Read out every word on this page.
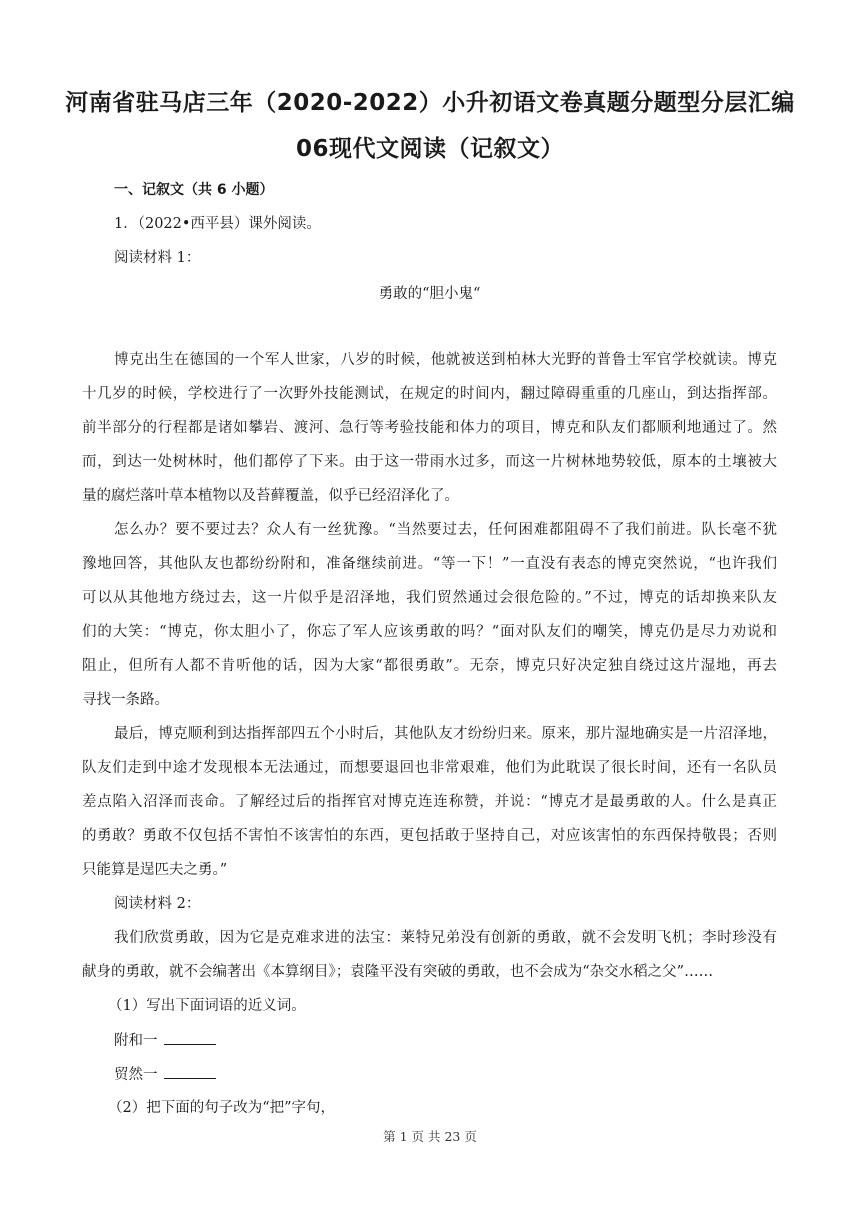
河南省驻马店三年（2020-2022）小升初语文卷真题分题型分层汇编
06现代文阅读（记叙文）
一、记叙文（共 6 小题）
1．（2022•西平县）课外阅读。
阅读材料 1：
勇敢的“胆小鬼“
博克出生在德国的一个军人世家，八岁的时候，他就被送到柏林大光野的普鲁士军官学校就读。博克
十几岁的时候，学校进行了一次野外技能测试，在规定的时间内，翻过障碍重重的几座山，到达指挥部。
前半部分的行程都是诸如攀岩、渡河、急行等考验技能和体力的项目，博克和队友们都顺利地通过了。然
而，到达一处树林时，他们都停了下来。由于这一带雨水过多，而这一片树林地势较低，原本的土壤被大
量的腐烂落叶草本植物以及苔藓覆盖，似乎已经沼泽化了。
怎么办？要不要过去？众人有一丝犹豫。“当然要过去，任何困难都阻碍不了我们前进。队长毫不犹
豫地回答，其他队友也都纷纷附和，准备继续前进。“等一下！”一直没有表态的博克突然说，“也许我们
可以从其他地方绕过去，这一片似乎是沼泽地，我们贸然通过会很危险的。”不过，博克的话却换来队友
们的大笑：“博克，你太胆小了，你忘了军人应该勇敢的吗？“面对队友们的嘲笑，博克仍是尽力劝说和
阻止，但所有人都不肯听他的话，因为大家“都很勇敢”。无奈，博克只好决定独自绕过这片湿地，再去
寻找一条路。
最后，博克顺利到达指挥部四五个小时后，其他队友才纷纷归来。原来，那片湿地确实是一片沼泽地，
队友们走到中途才发现根本无法通过，而想要退回也非常艰难，他们为此耽误了很长时间，还有一名队员
差点陷入沼泽而丧命。了解经过后的指挥官对博克连连称赞，并说：“博克才是最勇敢的人。什么是真正
的勇敢？勇敢不仅包括不害怕不该害怕的东西，更包括敢于坚持自己，对应该害怕的东西保持敬畏；否则
只能算是逞匹夫之勇。”
阅读材料 2：
我们欣赏勇敢，因为它是克难求进的法宝：莱特兄弟没有创新的勇敢，就不会发明飞机；李时珍没有
献身的勇敢，就不会编著出《本算纲目》；袁隆平没有突破的勇敢，也不会成为“杂交水稻之父”……
（1）写出下面词语的近义词。
附和一
贸然一
（2）把下面的句子改为“把”字句，
第 1 页 共 23 页
